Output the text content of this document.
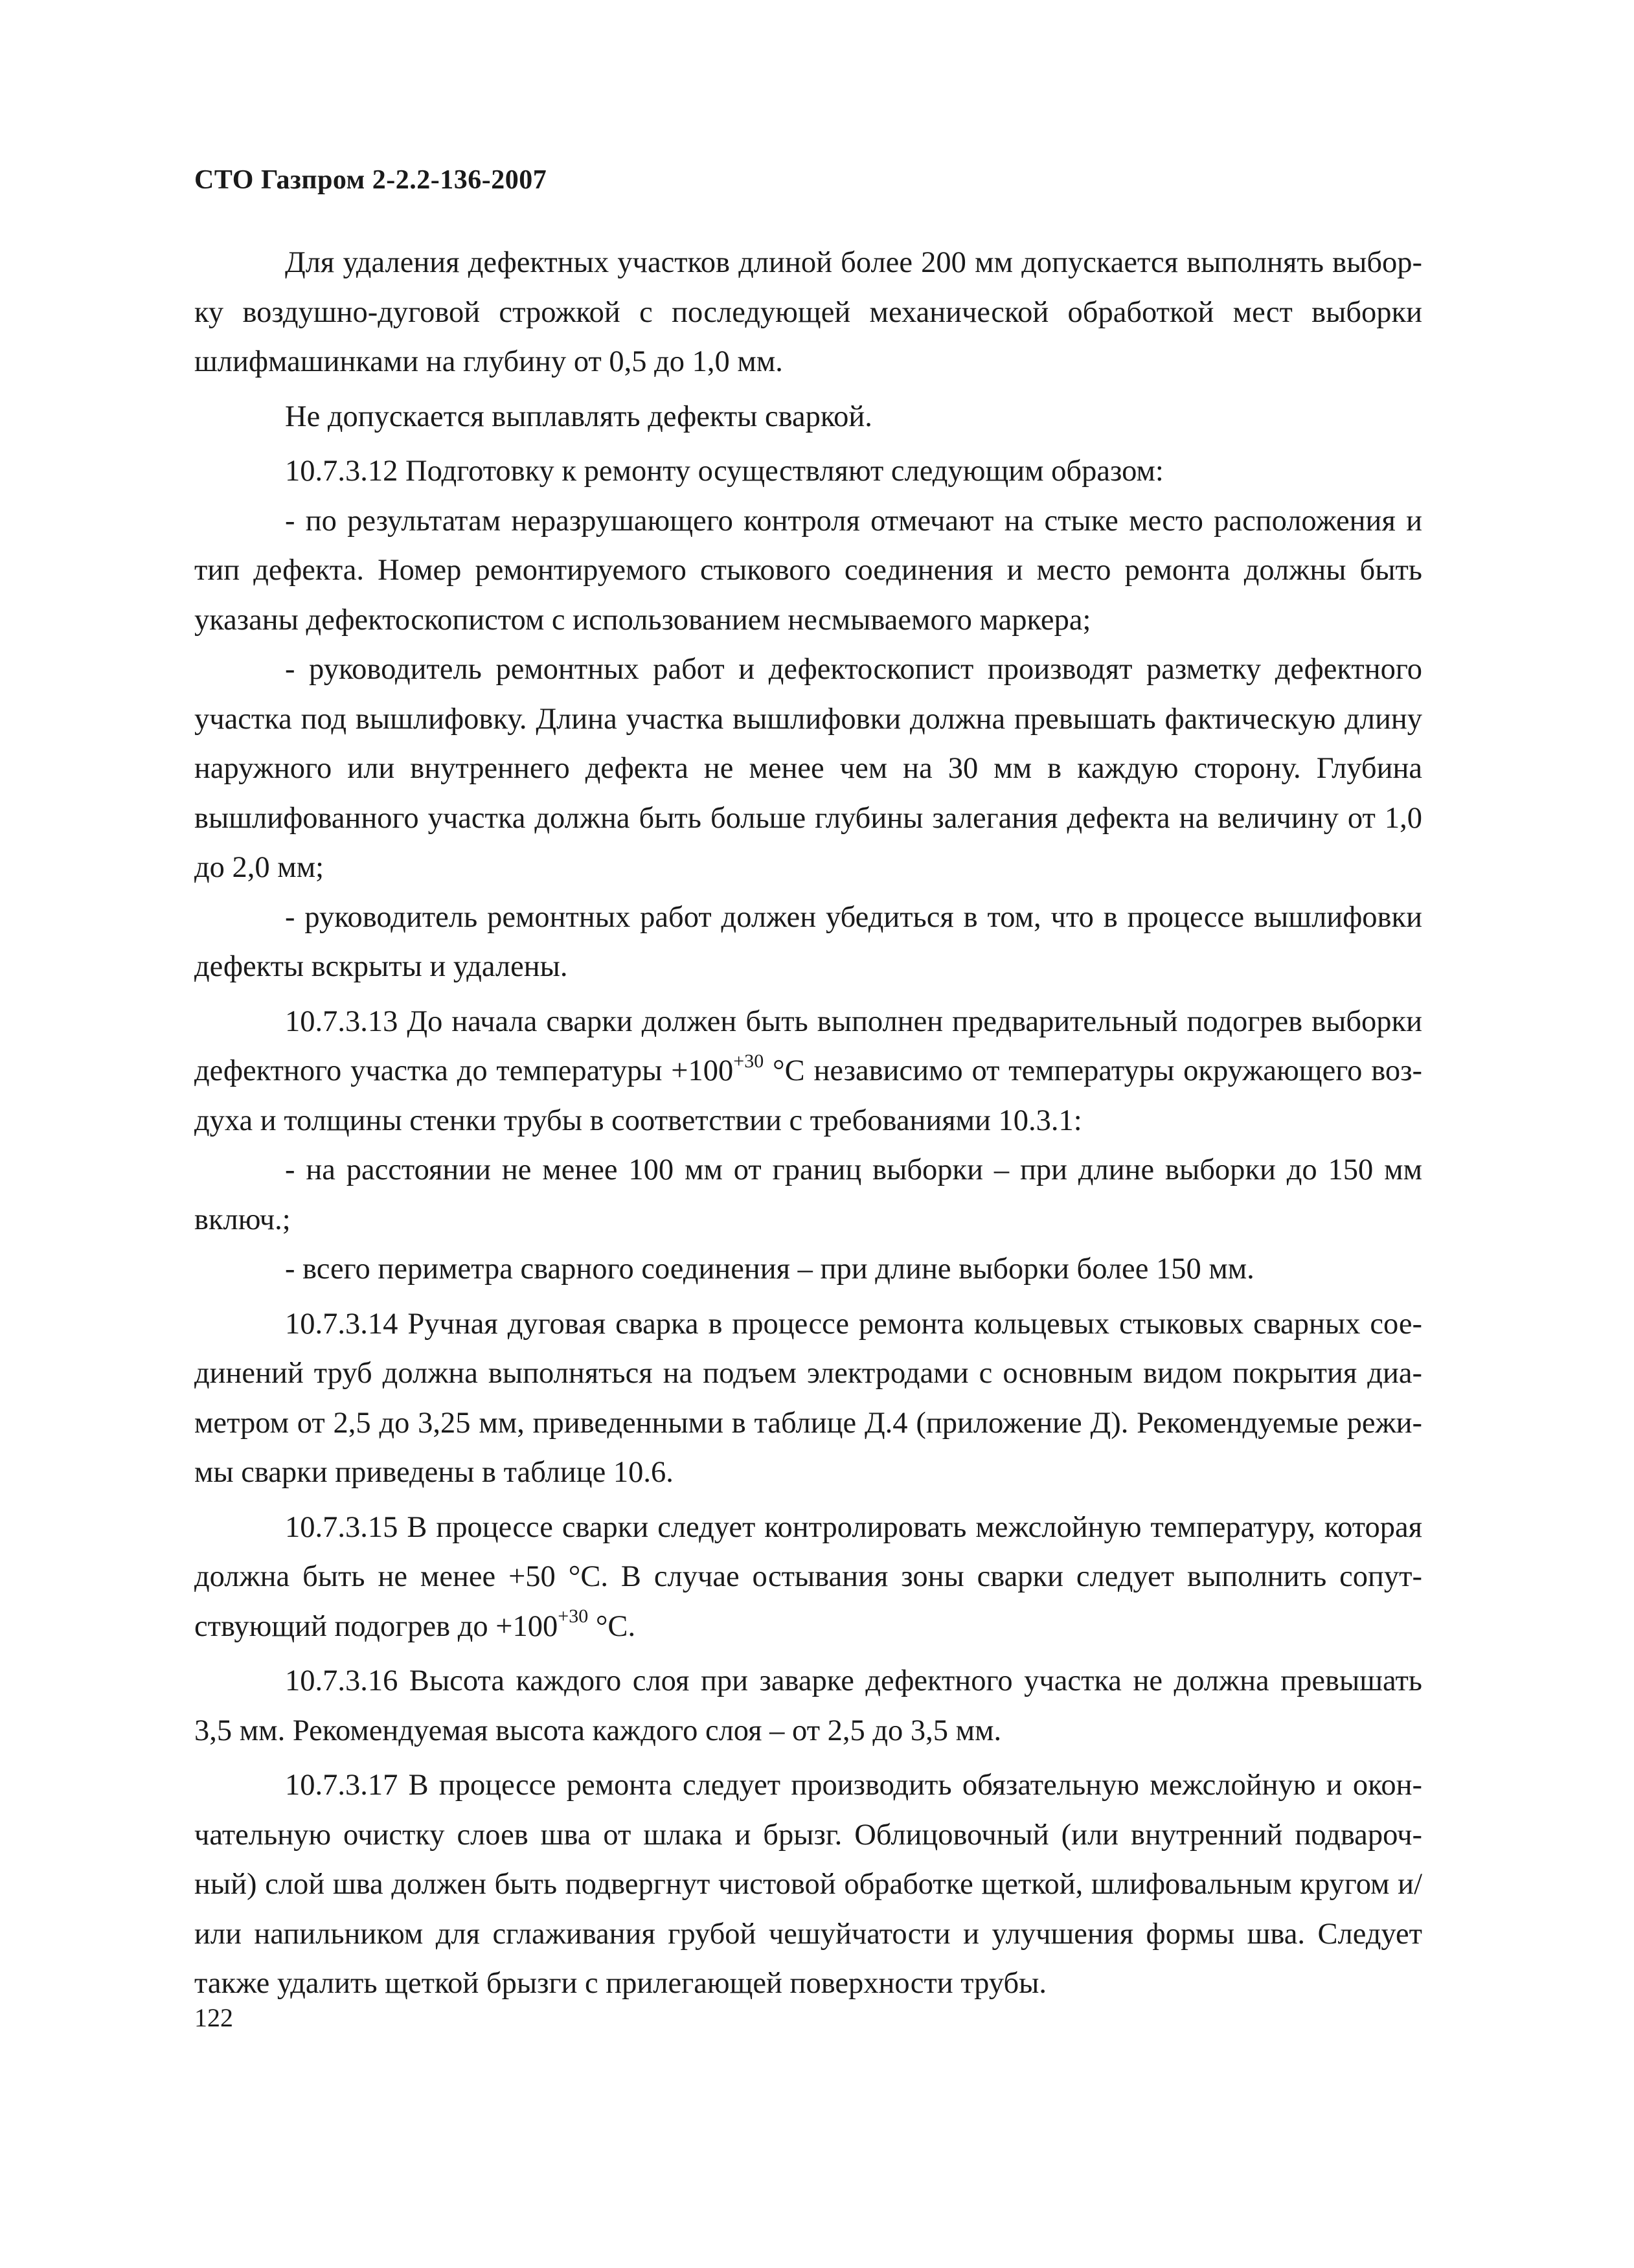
СТО Газпром 2-2.2-136-2007

Для удаления дефектных участков длиной более 200 мм допускается выполнять выборку воздушно-дуговой строжкой с последующей механической обработкой мест выборки шлифмашинками на глубину от 0,5 до 1,0 мм.

Не допускается выплавлять дефекты сваркой.

10.7.3.12 Подготовку к ремонту осуществляют следующим образом:

- по результатам неразрушающего контроля отмечают на стыке место расположения и тип дефекта. Номер ремонтируемого стыкового соединения и место ремонта должны быть указаны дефектоскопистом с использованием несмываемого маркера;

- руководитель ремонтных работ и дефектоскопист производят разметку дефектного участка под вышлифовку. Длина участка вышлифовки должна превышать фактическую длину наружного или внутреннего дефекта не менее чем на 30 мм в каждую сторону. Глубина вышлифованного участка должна быть больше глубины залегания дефекта на величину от 1,0 до 2,0 мм;

- руководитель ремонтных работ должен убедиться в том, что в процессе вышлифовки дефекты вскрыты и удалены.

10.7.3.13 До начала сварки должен быть выполнен предварительный подогрев выборки дефектного участка до температуры $+100^{+30}$ °С независимо от температуры окружающего воздуха и толщины стенки трубы в соответствии с требованиями 10.3.1:

- на расстоянии не менее 100 мм от границ выборки – при длине выборки до 150 мм включ.;

- всего периметра сварного соединения – при длине выборки более 150 мм.

10.7.3.14 Ручная дуговая сварка в процессе ремонта кольцевых стыковых сварных соединений труб должна выполняться на подъем электродами с основным видом покрытия диаметром от 2,5 до 3,25 мм, приведенными в таблице Д.4 (приложение Д). Рекомендуемые режимы сварки приведены в таблице 10.6.

10.7.3.15 В процессе сварки следует контролировать межслойную температуру, которая должна быть не менее +50 °С. В случае остывания зоны сварки следует выполнить сопутствующий подогрев до $+100^{+30}$ °С.

10.7.3.16 Высота каждого слоя при заварке дефектного участка не должна превышать 3,5 мм. Рекомендуемая высота каждого слоя – от 2,5 до 3,5 мм.

10.7.3.17 В процессе ремонта следует производить обязательную межслойную и окончательную очистку слоев шва от шлака и брызг. Облицовочный (или внутренний подварочный) слой шва должен быть подвергнут чистовой обработке щеткой, шлифовальным кругом и/или напильником для сглаживания грубой чешуйчатости и улучшения формы шва. Следует также удалить щеткой брызги с прилегающей поверхности трубы.

122
